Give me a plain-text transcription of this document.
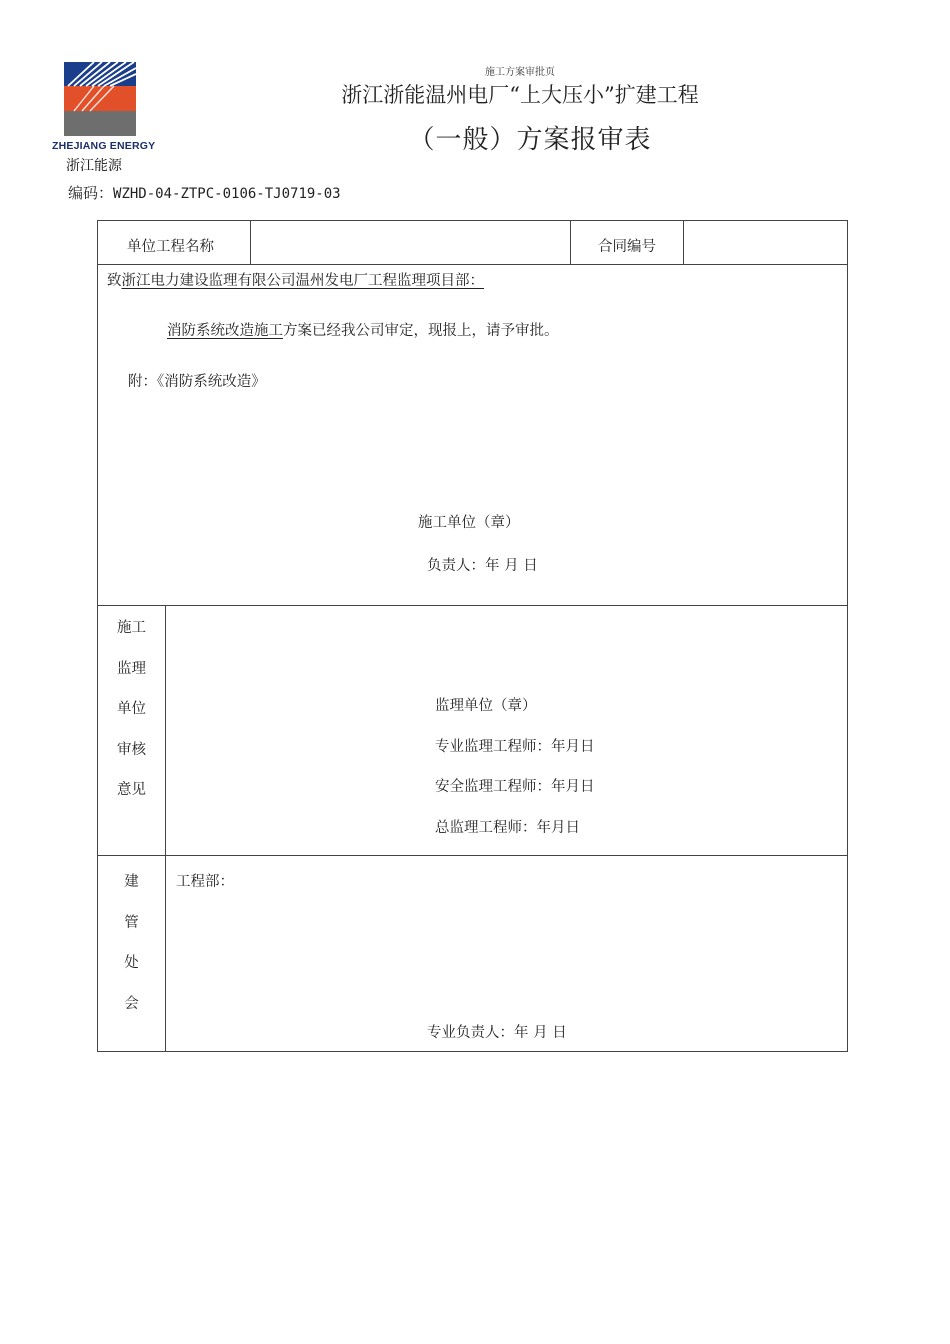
ZHEJIANG ENERGY
浙江能源
施工方案审批页
浙江浙能温州电厂“上大压小”扩建工程
（一般）方案报审表
编码：WZHD-04-ZTPC-0106-TJ0719-03
单位工程名称	合同编号
致浙江电力建设监理有限公司温州发电厂工程监理项目部：
消防系统改造施工方案已经我公司审定，现报上，请予审批。
附：《消防系统改造》
施工单位（章）
负责人：年 月 日
施工
监理
单位
审核
意见
监理单位（章）
专业监理工程师：年月日
安全监理工程师：年月日
总监理工程师：年月日
建
管
处
会
工程部：
专业负责人：年 月 日
